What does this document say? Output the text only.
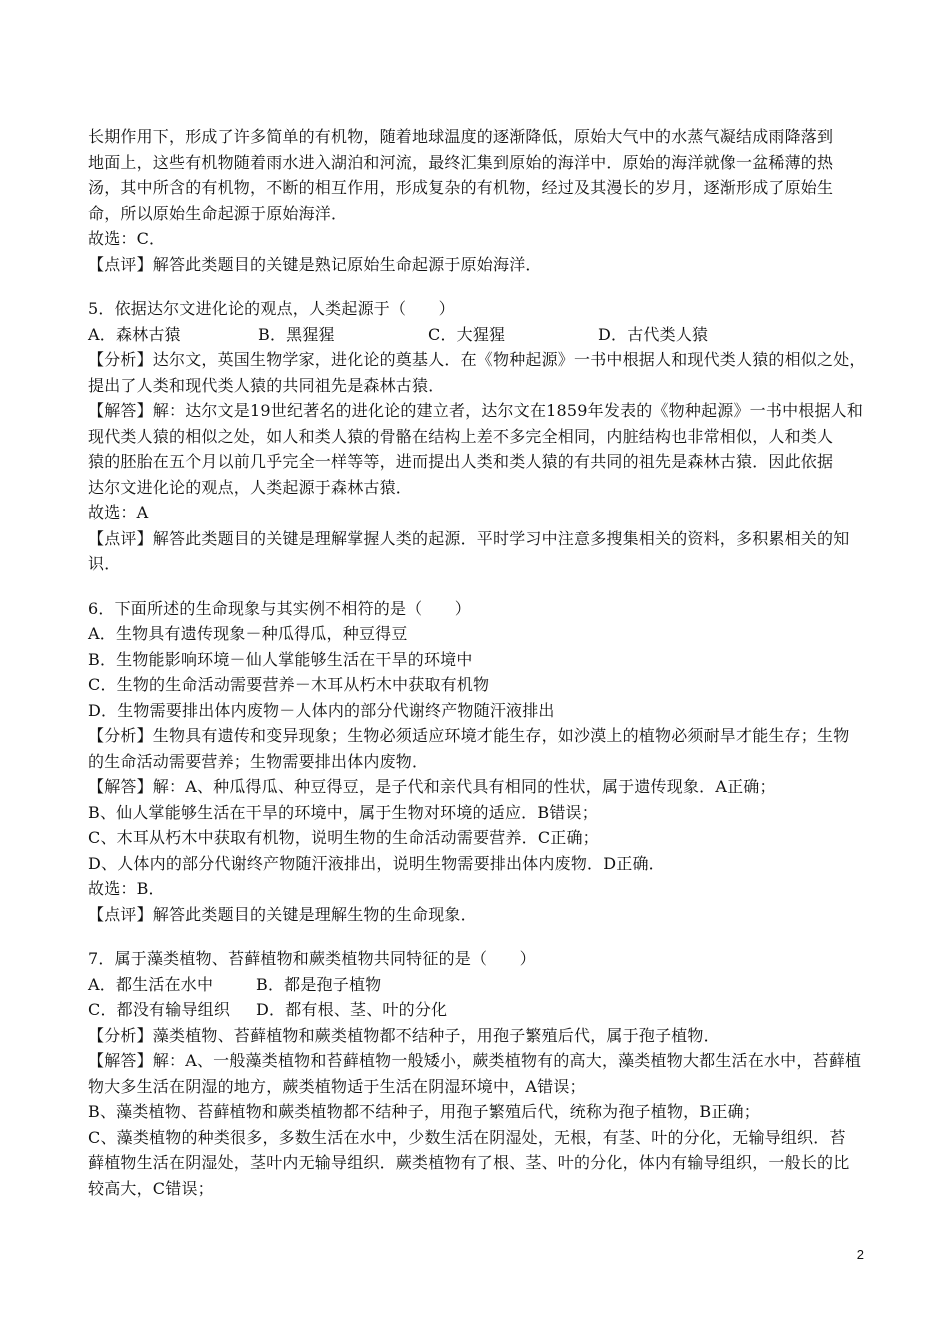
长期作用下，形成了许多简单的有机物，随着地球温度的逐渐降低，原始大气中的水蒸气凝结成雨降落到
地面上，这些有机物随着雨水进入湖泊和河流，最终汇集到原始的海洋中．原始的海洋就像一盆稀薄的热
汤，其中所含的有机物，不断的相互作用，形成复杂的有机物，经过及其漫长的岁月，逐渐形成了原始生
命，所以原始生命起源于原始海洋．
故选：C．
【点评】解答此类题目的关键是熟记原始生命起源于原始海洋．
5．依据达尔文进化论的观点，人类起源于（　　）
A．森林古猿	B．黑猩猩	C．大猩猩	D．古代类人猿
【分析】达尔文，英国生物学家，进化论的奠基人．在《物种起源》一书中根据人和现代类人猿的相似之处，
提出了人类和现代类人猿的共同祖先是森林古猿．
【解答】解：达尔文是19世纪著名的进化论的建立者，达尔文在1859年发表的《物种起源》一书中根据人和
现代类人猿的相似之处，如人和类人猿的骨骼在结构上差不多完全相同，内脏结构也非常相似，人和类人
猿的胚胎在五个月以前几乎完全一样等等，进而提出人类和类人猿的有共同的祖先是森林古猿．因此依据
达尔文进化论的观点，人类起源于森林古猿．
故选：A
【点评】解答此类题目的关键是理解掌握人类的起源．平时学习中注意多搜集相关的资料，多积累相关的知
识．
6．下面所述的生命现象与其实例不相符的是（　　）
A．生物具有遗传现象－种瓜得瓜，种豆得豆
B．生物能影响环境－仙人掌能够生活在干旱的环境中
C．生物的生命活动需要营养－木耳从朽木中获取有机物
D．生物需要排出体内废物－人体内的部分代谢终产物随汗液排出
【分析】生物具有遗传和变异现象；生物必须适应环境才能生存，如沙漠上的植物必须耐旱才能生存；生物
的生命活动需要营养；生物需要排出体内废物．
【解答】解：A、种瓜得瓜、种豆得豆，是子代和亲代具有相同的性状，属于遗传现象．A正确；
B、仙人掌能够生活在干旱的环境中，属于生物对环境的适应．B错误；
C、木耳从朽木中获取有机物，说明生物的生命活动需要营养．C正确；
D、人体内的部分代谢终产物随汗液排出，说明生物需要排出体内废物．D正确．
故选：B．
【点评】解答此类题目的关键是理解生物的生命现象．
7．属于藻类植物、苔藓植物和蕨类植物共同特征的是（　　）
A．都生活在水中	B．都是孢子植物
C．都没有输导组织	D．都有根、茎、叶的分化
【分析】藻类植物、苔藓植物和蕨类植物都不结种子，用孢子繁殖后代，属于孢子植物．
【解答】解：A、一般藻类植物和苔藓植物一般矮小，蕨类植物有的高大，藻类植物大都生活在水中，苔藓植
物大多生活在阴湿的地方，蕨类植物适于生活在阴湿环境中，A错误；
B、藻类植物、苔藓植物和蕨类植物都不结种子，用孢子繁殖后代，统称为孢子植物，B正确；
C、藻类植物的种类很多，多数生活在水中，少数生活在阴湿处，无根，有茎、叶的分化，无输导组织．苔
藓植物生活在阴湿处，茎叶内无输导组织．蕨类植物有了根、茎、叶的分化，体内有输导组织，一般长的比
较高大，C错误；
2
